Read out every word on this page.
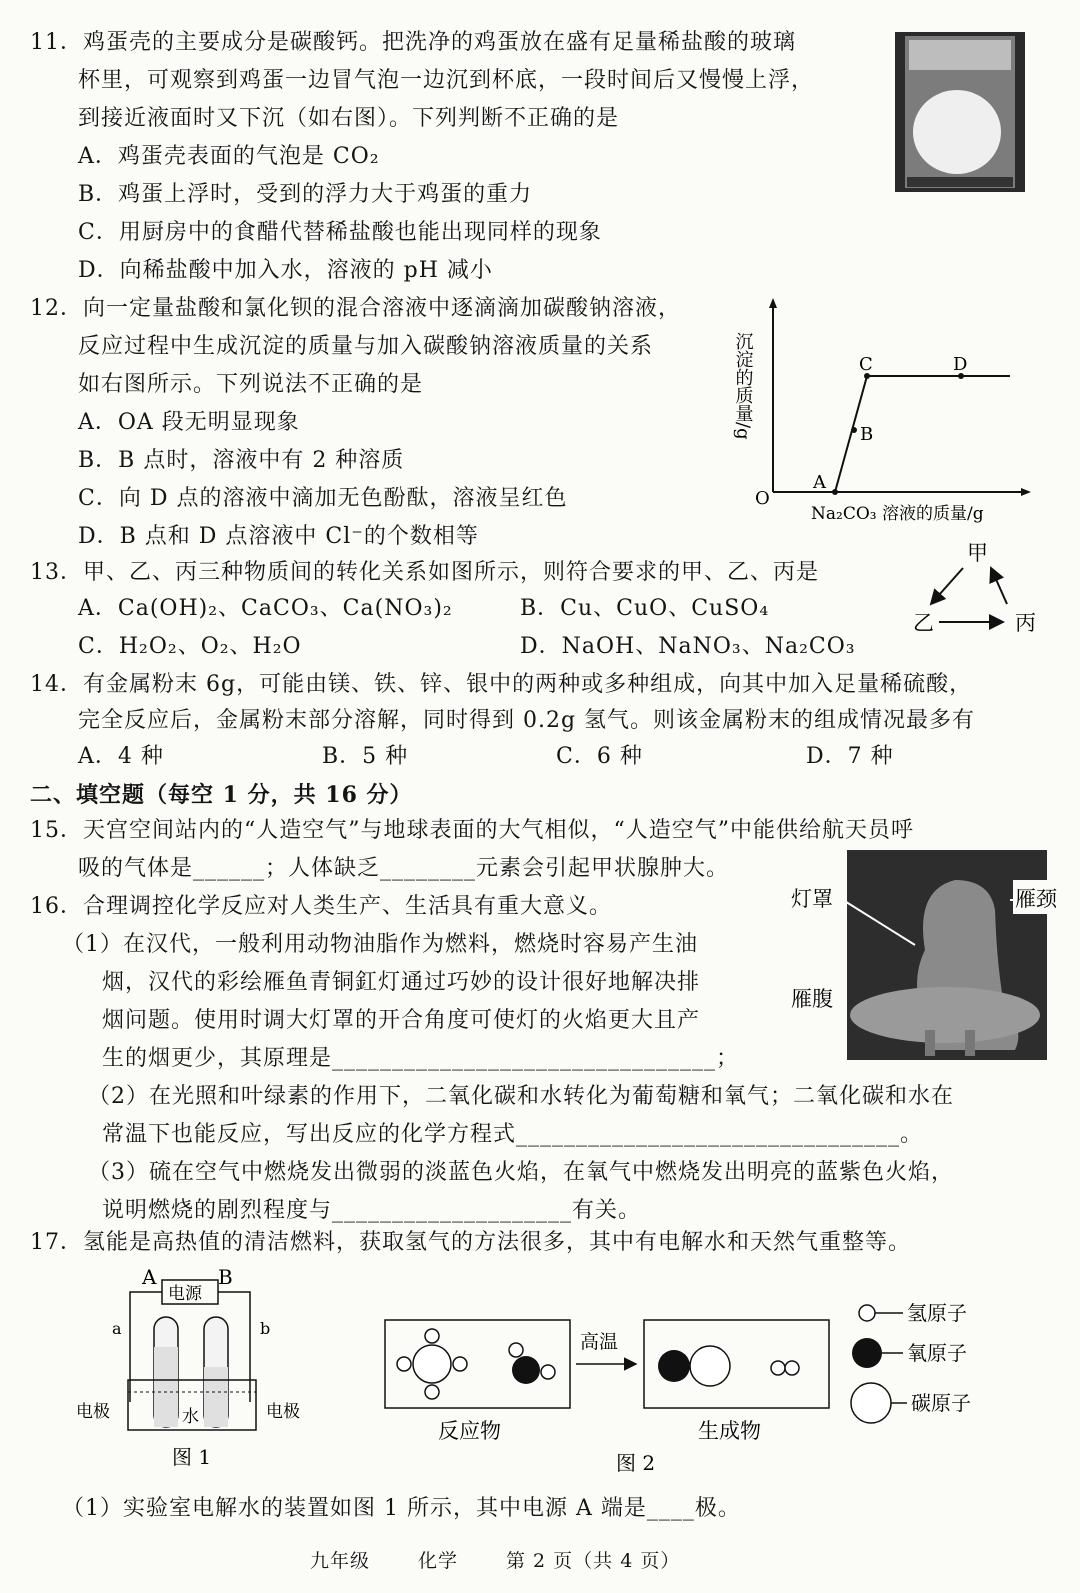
11．鸡蛋壳的主要成分是碳酸钙。把洗净的鸡蛋放在盛有足量稀盐酸的玻璃
杯里，可观察到鸡蛋一边冒气泡一边沉到杯底，一段时间后又慢慢上浮，
到接近液面时又下沉（如右图）。下列判断不正确的是
A．鸡蛋壳表面的气泡是 CO₂
B．鸡蛋上浮时，受到的浮力大于鸡蛋的重力
C．用厨房中的食醋代替稀盐酸也能出现同样的现象
D．向稀盐酸中加入水，溶液的 pH 减小
12．向一定量盐酸和氯化钡的混合溶液中逐滴滴加碳酸钠溶液，
反应过程中生成沉淀的质量与加入碳酸钠溶液质量的关系
如右图所示。下列说法不正确的是
A．OA 段无明显现象
B．B 点时，溶液中有 2 种溶质
C．向 D 点的溶液中滴加无色酚酞，溶液呈红色
D．B 点和 D 点溶液中 Cl⁻的个数相等
O
A
B
C	D
沉淀的质量/g
Na₂CO₃ 溶液的质量/g
13．甲、乙、丙三种物质间的转化关系如图所示，则符合要求的甲、乙、丙是
A．Ca(OH)₂、CaCO₃、Ca(NO₃)₂	B．Cu、CuO、CuSO₄
C．H₂O₂、O₂、H₂O	D．NaOH、NaNO₃、Na₂CO₃
甲
乙	丙
14．有金属粉末 6g，可能由镁、铁、锌、银中的两种或多种组成，向其中加入足量稀硫酸，
完全反应后，金属粉末部分溶解，同时得到 0.2g 氢气。则该金属粉末的组成情况最多有
A．4 种	B．5 种	C．6 种	D．7 种
二、填空题（每空 1 分，共 16 分）
15．天宫空间站内的“人造空气”与地球表面的大气相似，“人造空气”中能供给航天员呼
吸的气体是______；人体缺乏________元素会引起甲状腺肿大。
16．合理调控化学反应对人类生产、生活具有重大意义。
（1）在汉代，一般利用动物油脂作为燃料，燃烧时容易产生油
烟，汉代的彩绘雁鱼青铜釭灯通过巧妙的设计很好地解决排
烟问题。使用时调大灯罩的开合角度可使灯的火焰更大且产
生的烟更少，其原理是________________________________；
（2）在光照和叶绿素的作用下，二氧化碳和水转化为葡萄糖和氧气；二氧化碳和水在
常温下也能反应，写出反应的化学方程式________________________________。
（3）硫在空气中燃烧发出微弱的淡蓝色火焰，在氧气中燃烧发出明亮的蓝紫色火焰，
说明燃烧的剧烈程度与____________________有关。
灯罩
雁腹
雁颈
17．氢能是高热值的清洁燃料，获取氢气的方法很多，其中有电解水和天然气重整等。
A	B
电源
a	b
水
电极	电极
图 1
高温
反应物	生成物
图 2
氢原子
氧原子
碳原子
（1）实验室电解水的装置如图 1 所示，其中电源 A 端是____极。
九年级	化学	第 2 页（共 4 页）
